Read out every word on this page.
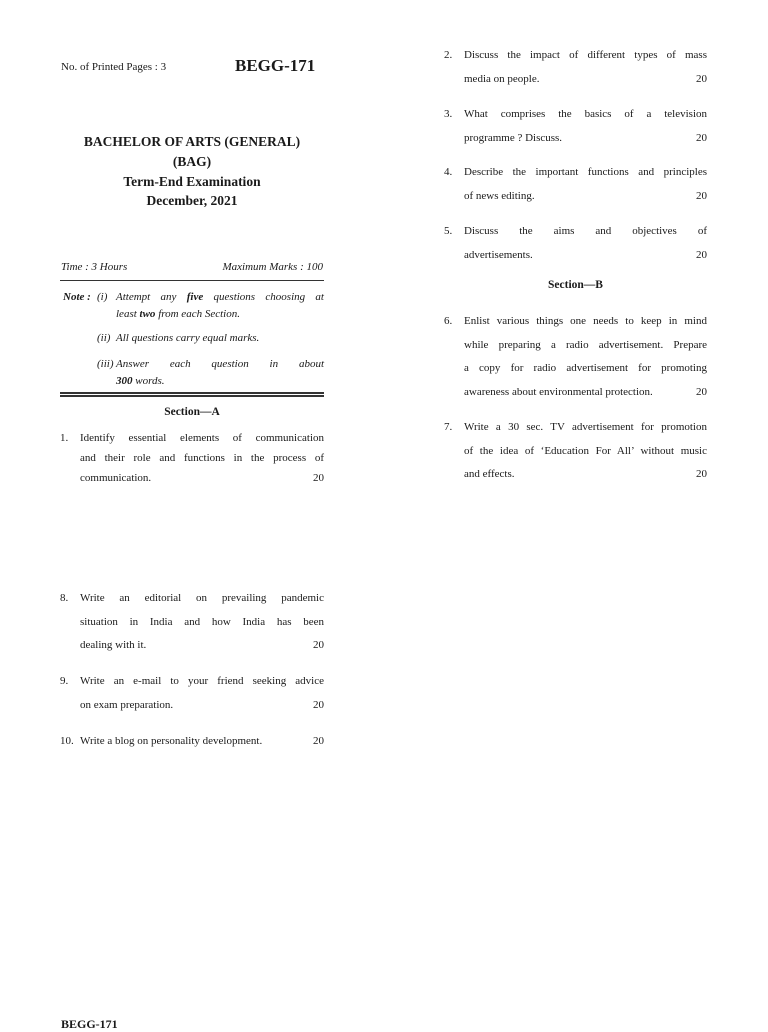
No. of Printed Pages : 3	BEGG-171
BACHELOR OF ARTS (GENERAL)
(BAG)
Term-End Examination
December, 2021
Time : 3 Hours	Maximum Marks : 100
Note : (i) Attempt any five questions choosing at
least two from each Section.
(ii) All questions carry equal marks.
(iii) Answer each question in about
300 words.
Section—A
1. Identify essential elements of communication
and their role and functions in the process of
communication.	20
2. Discuss the impact of different types of mass
media on people.	20
3. What comprises the basics of a television
programme ? Discuss.	20
4. Describe the important functions and principles
of news editing.	20
5. Discuss the aims and objectives of
advertisements.	20
Section—B
6. Enlist various things one needs to keep in mind
while preparing a radio advertisement. Prepare
a copy for radio advertisement for promoting
awareness about environmental protection.	20
7. Write a 30 sec. TV advertisement for promotion
of the idea of ‘Education For All’ without music
and effects.	20
8. Write an editorial on prevailing pandemic
situation in India and how India has been
dealing with it.	20
9. Write an e-mail to your friend seeking advice
on exam preparation.	20
10. Write a blog on personality development.	20
BEGG-171
